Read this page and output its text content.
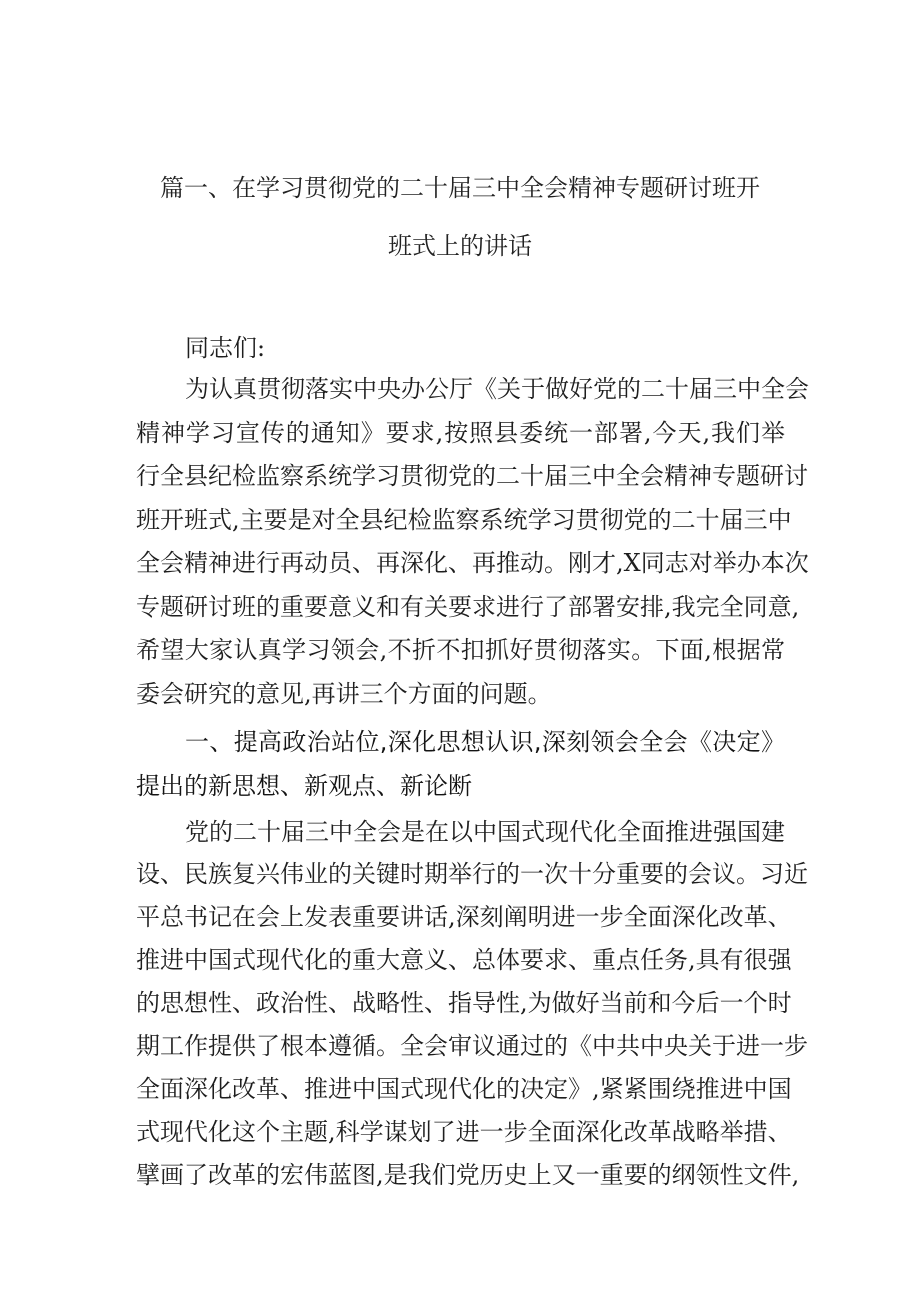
篇一、在学习贯彻党的二十届三中全会精神专题研讨班开
班式上的讲话
同志们:
为认真贯彻落实中央办公厅《关于做好党的二十届三中全会
精神学习宣传的通知》要求,按照县委统一部署,今天,我们举
行全县纪检监察系统学习贯彻党的二十届三中全会精神专题研讨
班开班式,主要是对全县纪检监察系统学习贯彻党的二十届三中
全会精神进行再动员、再深化、再推动。刚才,X同志对举办本次
专题研讨班的重要意义和有关要求进行了部署安排,我完全同意,
希望大家认真学习领会,不折不扣抓好贯彻落实。下面,根据常
委会研究的意见,再讲三个方面的问题。
一、提高政治站位,深化思想认识,深刻领会全会《决定》
提出的新思想、新观点、新论断
党的二十届三中全会是在以中国式现代化全面推进强国建
设、民族复兴伟业的关键时期举行的一次十分重要的会议。习近
平总书记在会上发表重要讲话,深刻阐明进一步全面深化改革、
推进中国式现代化的重大意义、总体要求、重点任务,具有很强
的思想性、政治性、战略性、指导性,为做好当前和今后一个时
期工作提供了根本遵循。全会审议通过的《中共中央关于进一步
全面深化改革、推进中国式现代化的决定》,紧紧围绕推进中国
式现代化这个主题,科学谋划了进一步全面深化改革战略举措、
擘画了改革的宏伟蓝图,是我们党历史上又一重要的纲领性文件,
